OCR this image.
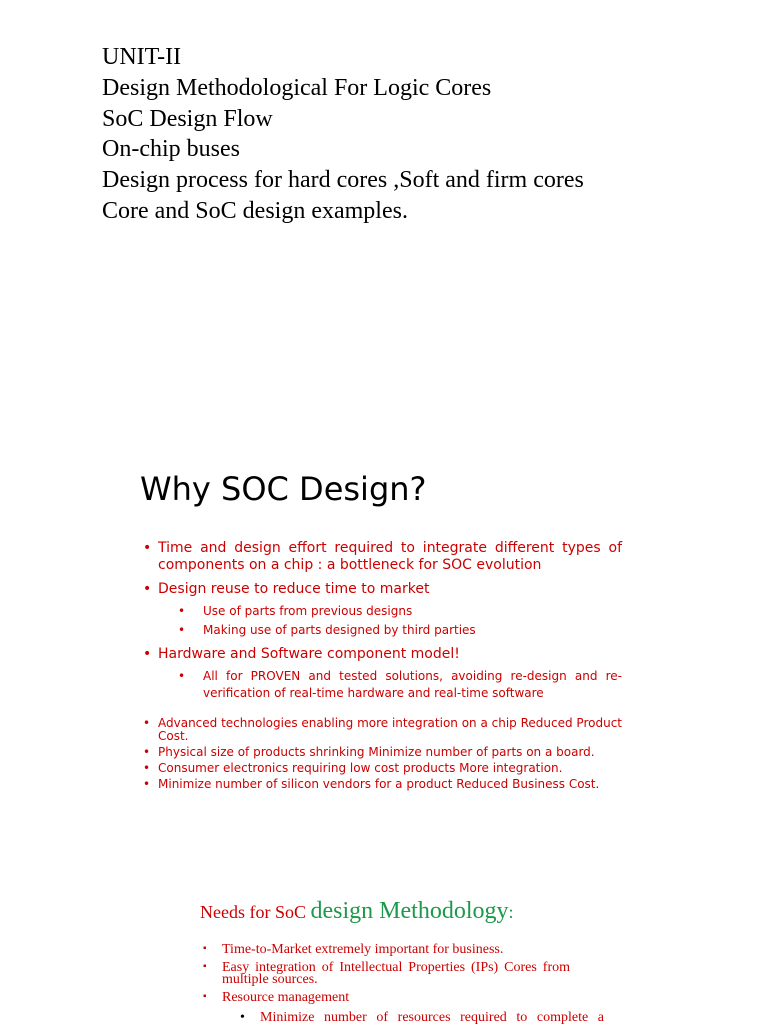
UNIT-II
Design Methodological For Logic Cores
SoC Design Flow
On-chip buses
Design process for hard cores ,Soft and firm cores
Core and SoC design examples.
Why SOC Design?
• Time and design effort required to integrate different types of components on a chip : a bottleneck for SOC evolution
• Design reuse to reduce time to market
• Use of parts from previous designs
• Making use of parts designed by third parties
• Hardware and Software component model!
• All for PROVEN and tested solutions, avoiding re-design and re-verification of real-time hardware and real-time software
• Advanced technologies enabling more integration on a chip Reduced Product Cost.
• Physical size of products shrinking Minimize number of parts on a board.
• Consumer electronics requiring low cost products More integration.
• Minimize number of silicon vendors for a product Reduced Business Cost.
Needs for SoC design Methodology:
▪ Time-to-Market extremely important for business.
▪ Easy integration of Intellectual Properties (IPs) Cores from multiple sources.
▪ Resource management
• Minimize number of resources required to complete a
